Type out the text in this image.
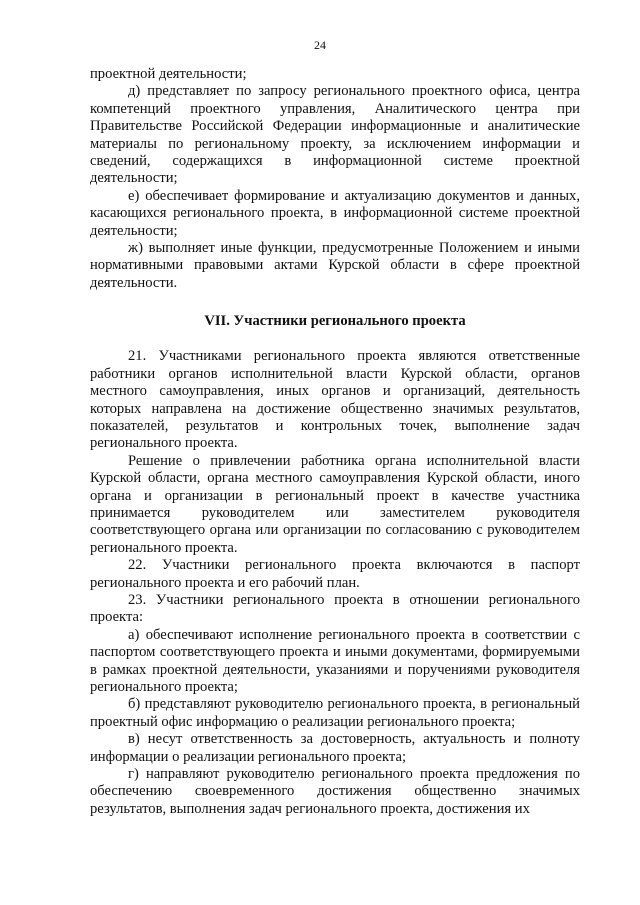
24

проектной деятельности;

д) представляет по запросу регионального проектного офиса, центра компетенций проектного управления, Аналитического центра при Правительстве Российской Федерации информационные и аналитические материалы по региональному проекту, за исключением информации и сведений, содержащихся в информационной системе проектной деятельности;

е) обеспечивает формирование и актуализацию документов и данных, касающихся регионального проекта, в информационной системе проектной деятельности;

ж) выполняет иные функции, предусмотренные Положением и иными нормативными правовыми актами Курской области в сфере проектной деятельности.

VII. Участники регионального проекта

21. Участниками регионального проекта являются ответственные работники органов исполнительной власти Курской области, органов местного самоуправления, иных органов и организаций, деятельность которых направлена на достижение общественно значимых результатов, показателей, результатов и контрольных точек, выполнение задач регионального проекта.

Решение о привлечении работника органа исполнительной власти Курской области, органа местного самоуправления Курской области, иного органа и организации в региональный проект в качестве участника принимается руководителем или заместителем руководителя соответствующего органа или организации по согласованию с руководителем регионального проекта.

22. Участники регионального проекта включаются в паспорт регионального проекта и его рабочий план.

23. Участники регионального проекта в отношении регионального проекта:

а) обеспечивают исполнение регионального проекта в соответствии с паспортом соответствующего проекта и иными документами, формируемыми в рамках проектной деятельности, указаниями и поручениями руководителя регионального проекта;

б) представляют руководителю регионального проекта, в региональный проектный офис информацию о реализации регионального проекта;

в) несут ответственность за достоверность, актуальность и полноту информации о реализации регионального проекта;

г) направляют руководителю регионального проекта предложения по обеспечению своевременного достижения общественно значимых результатов, выполнения задач регионального проекта, достижения их
